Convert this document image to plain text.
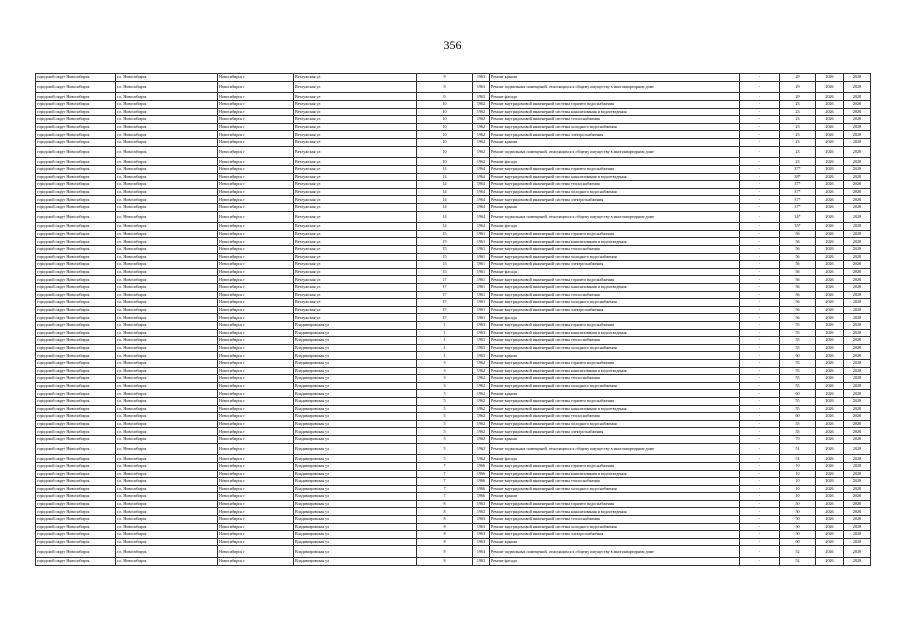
356
городской округ Новосибирск	г.о. Новосибирск	Новосибирск г	Ветлужская ул	9	1963	Ремонт крыши	-	29	2026	2028
городской округ Новосибирск	г.о. Новосибирск	Новосибирск г	Ветлужская ул	9	1963	Ремонт подвальных помещений, относящихся к общему имуществу в многоквартирном доме	-	29	2026	2028
городской округ Новосибирск	г.о. Новосибирск	Новосибирск г	Ветлужская ул	9	1963	Ремонт фасада	-	29	2026	2028
городской округ Новосибирск	г.о. Новосибирск	Новосибирск г	Ветлужская ул	10	1962	Ремонт внутридомовой инженерной системы горячего водоснабжения	-	23	2026	2028
городской округ Новосибирск	г.о. Новосибирск	Новосибирск г	Ветлужская ул	10	1962	Ремонт внутридомовой инженерной системы канализования и водоотведения	-	23	2026	2028
городской округ Новосибирск	г.о. Новосибирск	Новосибирск г	Ветлужская ул	10	1962	Ремонт внутридомовой инженерной системы теплоснабжения	-	23	2026	2028
городской округ Новосибирск	г.о. Новосибирск	Новосибирск г	Ветлужская ул	10	1962	Ремонт внутридомовой инженерной системы холодного водоснабжения	-	23	2026	2028
городской округ Новосибирск	г.о. Новосибирск	Новосибирск г	Ветлужская ул	10	1962	Ремонт внутридомовой инженерной системы электроснабжения	-	23	2026	2028
городской округ Новосибирск	г.о. Новосибирск	Новосибирск г	Ветлужская ул	10	1962	Ремонт крыши	-	23	2026	2028
городской округ Новосибирск	г.о. Новосибирск	Новосибирск г	Ветлужская ул	10	1962	Ремонт подвальных помещений, относящихся к общему имуществу в многоквартирном доме	-	23	2026	2028
городской округ Новосибирск	г.о. Новосибирск	Новосибирск г	Ветлужская ул	10	1962	Ремонт фасада	-	23	2026	2028
городской округ Новосибирск	г.о. Новосибирск	Новосибирск г	Ветлужская ул	14	1964	Ремонт внутридомовой инженерной системы горячего водоснабжения	-	37*	2026	2028
городской округ Новосибирск	г.о. Новосибирск	Новосибирск г	Ветлужская ул	14	1964	Ремонт внутридомовой инженерной системы канализования и водоотведения	-	38*	2026	2028
городской округ Новосибирск	г.о. Новосибирск	Новосибирск г	Ветлужская ул	14	1964	Ремонт внутридомовой инженерной системы теплоснабжения	-	37*	2026	2028
городской округ Новосибирск	г.о. Новосибирск	Новосибирск г	Ветлужская ул	14	1964	Ремонт внутридомовой инженерной системы холодного водоснабжения	-	37*	2026	2028
городской округ Новосибирск	г.о. Новосибирск	Новосибирск г	Ветлужская ул	14	1964	Ремонт внутридомовой инженерной системы электроснабжения	-	37*	2026	2028
городской округ Новосибирск	г.о. Новосибирск	Новосибирск г	Ветлужская ул	14	1964	Ремонт крыши	-	37*	2026	2028
городской округ Новосибирск	г.о. Новосибирск	Новосибирск г	Ветлужская ул	14	1964	Ремонт подвальных помещений, относящихся к общему имуществу в многоквартирном доме	-	34*	2026	2028
городской округ Новосибирск	г.о. Новосибирск	Новосибирск г	Ветлужская ул	14	1964	Ремонт фасада	-	35*	2026	2028
городской округ Новосибирск	г.о. Новосибирск	Новосибирск г	Ветлужская ул	15	1961	Ремонт внутридомовой инженерной системы горячего водоснабжения	-	56	2026	2028
городской округ Новосибирск	г.о. Новосибирск	Новосибирск г	Ветлужская ул	15	1961	Ремонт внутридомовой инженерной системы канализования и водоотведения	-	56	2026	2028
городской округ Новосибирск	г.о. Новосибирск	Новосибирск г	Ветлужская ул	15	1961	Ремонт внутридомовой инженерной системы теплоснабжения	-	56	2026	2028
городской округ Новосибирск	г.о. Новосибирск	Новосибирск г	Ветлужская ул	15	1961	Ремонт внутридомовой инженерной системы холодного водоснабжения	-	56	2026	2028
городской округ Новосибирск	г.о. Новосибирск	Новосибирск г	Ветлужская ул	15	1961	Ремонт внутридомовой инженерной системы электроснабжения	-	56	2026	2028
городской округ Новосибирск	г.о. Новосибирск	Новосибирск г	Ветлужская ул	15	1961	Ремонт фасада	-	56	2026	2028
городской округ Новосибирск	г.о. Новосибирск	Новосибирск г	Ветлужская ул	17	1961	Ремонт внутридомовой инженерной системы горячего водоснабжения	-	56	2026	2028
городской округ Новосибирск	г.о. Новосибирск	Новосибирск г	Ветлужская ул	17	1961	Ремонт внутридомовой инженерной системы канализования и водоотведения	-	56	2026	2028
городской округ Новосибирск	г.о. Новосибирск	Новосибирск г	Ветлужская ул	17	1961	Ремонт внутридомовой инженерной системы теплоснабжения	-	56	2026	2028
городской округ Новосибирск	г.о. Новосибирск	Новосибирск г	Ветлужская ул	17	1961	Ремонт внутридомовой инженерной системы холодного водоснабжения	-	56	2026	2028
городской округ Новосибирск	г.о. Новосибирск	Новосибирск г	Ветлужская ул	17	1961	Ремонт внутридомовой инженерной системы электроснабжения	-	56	2026	2028
городской округ Новосибирск	г.о. Новосибирск	Новосибирск г	Ветлужская ул	17	1961	Ремонт фасада	-	56	2026	2028
городской округ Новосибирск	г.о. Новосибирск	Новосибирск г	Владимировская ул	1	1963	Ремонт внутридомовой инженерной системы горячего водоснабжения	-	55	2026	2028
городской округ Новосибирск	г.о. Новосибирск	Новосибирск г	Владимировская ул	1	1963	Ремонт внутридомовой инженерной системы канализования и водоотведения	-	55	2026	2028
городской округ Новосибирск	г.о. Новосибирск	Новосибирск г	Владимировская ул	1	1963	Ремонт внутридомовой инженерной системы теплоснабжения	-	55	2026	2028
городской округ Новосибирск	г.о. Новосибирск	Новосибирск г	Владимировская ул	1	1963	Ремонт внутридомовой инженерной системы холодного водоснабжения	-	55	2026	2028
городской округ Новосибирск	г.о. Новосибирск	Новосибирск г	Владимировская ул	1	1963	Ремонт крыши	-	60	2026	2028
городской округ Новосибирск	г.о. Новосибирск	Новосибирск г	Владимировская ул	3	1962	Ремонт внутридомовой инженерной системы горячего водоснабжения	-	55	2026	2028
городской округ Новосибирск	г.о. Новосибирск	Новосибирск г	Владимировская ул	3	1962	Ремонт внутридомовой инженерной системы канализования и водоотведения	-	55	2026	2028
городской округ Новосибирск	г.о. Новосибирск	Новосибирск г	Владимировская ул	3	1962	Ремонт внутридомовой инженерной системы теплоснабжения	-	55	2026	2028
городской округ Новосибирск	г.о. Новосибирск	Новосибирск г	Владимировская ул	3	1962	Ремонт внутридомовой инженерной системы холодного водоснабжения	-	55	2026	2028
городской округ Новосибирск	г.о. Новосибирск	Новосибирск г	Владимировская ул	3	1962	Ремонт крыши	-	60	2026	2028
городской округ Новосибирск	г.о. Новосибирск	Новосибирск г	Владимировская ул	5	1962	Ремонт внутридомовой инженерной системы горячего водоснабжения	-	55	2026	2028
городской округ Новосибирск	г.о. Новосибирск	Новосибирск г	Владимировская ул	5	1962	Ремонт внутридомовой инженерной системы канализования и водоотведения	-	55	2026	2028
городской округ Новосибирск	г.о. Новосибирск	Новосибирск г	Владимировская ул	5	1962	Ремонт внутридомовой инженерной системы теплоснабжения	-	60	2026	2028
городской округ Новосибирск	г.о. Новосибирск	Новосибирск г	Владимировская ул	5	1962	Ремонт внутридомовой инженерной системы холодного водоснабжения	-	55	2026	2028
городской округ Новосибирск	г.о. Новосибирск	Новосибирск г	Владимировская ул	5	1962	Ремонт внутридомовой инженерной системы электроснабжения	-	55	2026	2028
городской округ Новосибирск	г.о. Новосибирск	Новосибирск г	Владимировская ул	5	1962	Ремонт крыши	-	70	2026	2028
городской округ Новосибирск	г.о. Новосибирск	Новосибирск г	Владимировская ул	5	1962	Ремонт подвальных помещений, относящихся к общему имуществу в многоквартирном доме	-	51	2026	2028
городской округ Новосибирск	г.о. Новосибирск	Новосибирск г	Владимировская ул	5	1962	Ремонт фасада	-	51	2026	2028
городской округ Новосибирск	г.о. Новосибирск	Новосибирск г	Владимировская ул	7	1966	Ремонт внутридомовой инженерной системы горячего водоснабжения	-	10	2026	2028
городской округ Новосибирск	г.о. Новосибирск	Новосибирск г	Владимировская ул	7	1966	Ремонт внутридомовой инженерной системы канализования и водоотведения	-	10	2026	2028
городской округ Новосибирск	г.о. Новосибирск	Новосибирск г	Владимировская ул	7	1966	Ремонт внутридомовой инженерной системы теплоснабжения	-	10	2026	2028
городской округ Новосибирск	г.о. Новосибирск	Новосибирск г	Владимировская ул	7	1966	Ремонт внутридомовой инженерной системы холодного водоснабжения	-	10	2026	2028
городской округ Новосибирск	г.о. Новосибирск	Новосибирск г	Владимировская ул	7	1966	Ремонт крыши	-	10	2026	2028
городской округ Новосибирск	г.о. Новосибирск	Новосибирск г	Владимировская ул	8	1963	Ремонт внутридомовой инженерной системы горячего водоснабжения	-	50	2026	2028
городской округ Новосибирск	г.о. Новосибирск	Новосибирск г	Владимировская ул	8	1963	Ремонт внутридомовой инженерной системы канализования и водоотведения	-	50	2026	2028
городской округ Новосибирск	г.о. Новосибирск	Новосибирск г	Владимировская ул	8	1963	Ремонт внутридомовой инженерной системы теплоснабжения	-	50	2026	2028
городской округ Новосибирск	г.о. Новосибирск	Новосибирск г	Владимировская ул	8	1963	Ремонт внутридомовой инженерной системы холодного водоснабжения	-	50	2026	2028
городской округ Новосибирск	г.о. Новосибирск	Новосибирск г	Владимировская ул	8	1963	Ремонт внутридомовой инженерной системы электроснабжения	-	50	2026	2028
городской округ Новосибирск	г.о. Новосибирск	Новосибирск г	Владимировская ул	8	1963	Ремонт крыши	-	60	2026	2028
городской округ Новосибирск	г.о. Новосибирск	Новосибирск г	Владимировская ул	8	1963	Ремонт подвальных помещений, относящихся к общему имуществу в многоквартирном доме	-	52	2026	2028
городской округ Новосибирск	г.о. Новосибирск	Новосибирск г	Владимировская ул	8	1963	Ремонт фасада	-	52	2026	2028
